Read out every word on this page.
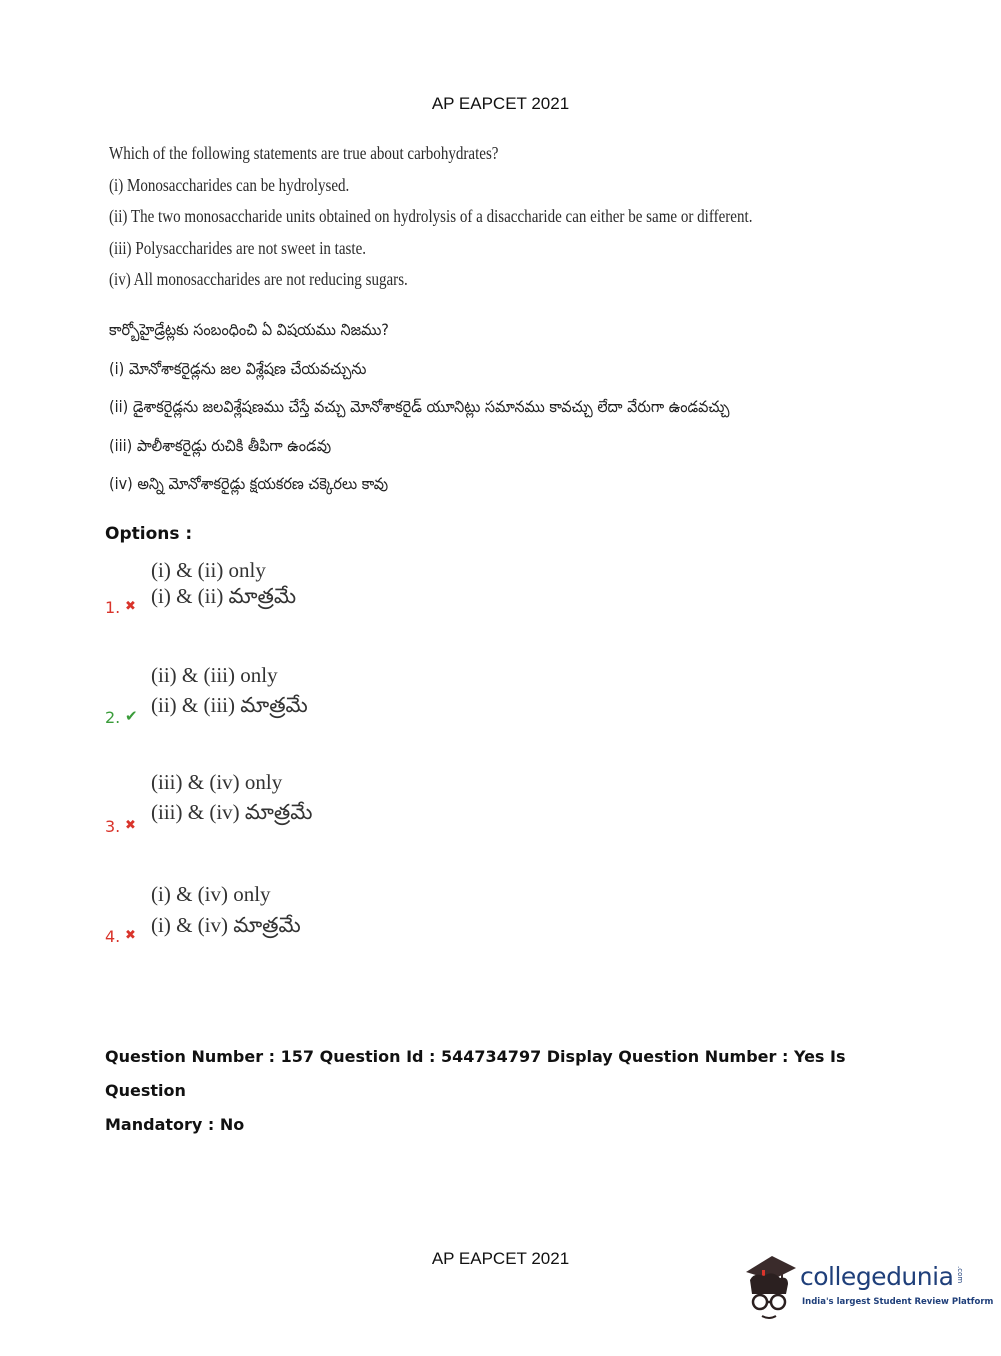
AP EAPCET 2021
Which of the following statements are true about carbohydrates?
(i) Monosaccharides can be hydrolysed.
(ii) The two monosaccharide units obtained on hydrolysis of a disaccharide can either be same or different.
(iii) Polysaccharides are not sweet in taste.
(iv) All monosaccharides are not reducing sugars.
కార్బోహైడ్రేట్లకు సంబంధించి ఏ విషయము నిజము?
(i) మోనోశాకరైడ్లను జల విశ్లేషణ చేయవచ్చును
(ii) డైశాకరైడ్లను జలవిశ్లేషణము చేస్తే వచ్చు మోనోశాకరైడ్ యూనిట్లు సమానము కావచ్చు లేదా వేరుగా ఉండవచ్చు
(iii) పాలీశాకరైడ్లు రుచికి తీపిగా ఉండవు
(iv) అన్ని మోనోశాకరైడ్లు క్షయకరణ చక్కెరలు కావు
Options :
(i) & (ii) only
(i) & (ii) మాత్రమే
1. ✖
(ii) & (iii) only
(ii) & (iii) మాత్రమే
2. ✔
(iii) & (iv) only
(iii) & (iv) మాత్రమే
3. ✖
(i) & (iv) only
(i) & (iv) మాత్రమే
4. ✖
Question Number : 157 Question Id : 544734797 Display Question Number : Yes Is Question
Mandatory : No
AP EAPCET 2021
collegedunia .com
India's largest Student Review Platform
